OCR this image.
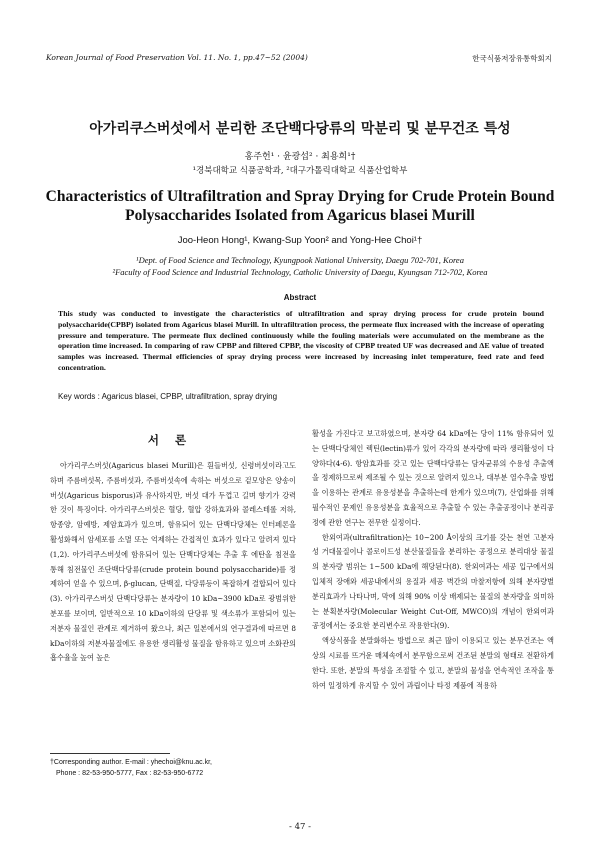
Korean Journal of Food Preservation Vol. 11. No. 1, pp.47~52 (2004)	한국식품저장유통학회지
아가리쿠스버섯에서 분리한 조단백다당류의 막분리 및 분무건조 특성
홍주헌¹ · 윤광섭² · 최용희¹†
¹경북대학교 식품공학과, ²대구가톨릭대학교 식품산업학부
Characteristics of Ultrafiltration and Spray Drying for Crude Protein Bound
Polysaccharides Isolated from Agaricus blasei Murill
Joo-Heon Hong¹, Kwang-Sup Yoon² and Yong-Hee Choi¹†
¹Dept. of Food Science and Technology, Kyungpook National University, Daegu 702-701, Korea
²Faculty of Food Science and Industrial Technology, Catholic University of Daegu, Kyungsan 712-702, Korea
Abstract
This study was conducted to investigate the characteristics of ultrafiltration and spray drying process for crude protein bound polysaccharide(CPBP) isolated from Agaricus blasei Murill. In ultrafiltration process, the permeate flux increased with the increase of operating pressure and temperature. The permeate flux declined continuously while the fouling materials were accumulated on the membrane as the operation time increased. In comparing of raw CPBP and filtered CPBP, the viscosity of CPBP treated UF was decreased and ΔE value of treated samples was increased. Thermal efficiencies of spray drying process were increased by increasing inlet temperature, feed rate and feed concentration.
Key words : Agaricus blasei, CPBP, ultrafiltration, spray drying
서 론

아가리쿠스버섯(Agaricus blasei Murill)은 흰들버섯, 신령버섯이라고도 하며 주름버섯목, 주름버섯과, 주름버섯속에 속하는 버섯으로 겉모양은 양송이버섯(Agaricus bisporus)과 유사하지만, 버섯 대가 두껍고 길며 향기가 강력한 것이 특징이다. 아가리쿠스버섯은 혈당, 혈압 강하효과와 콜레스테롤 저하, 항종양, 암예방, 제암효과가 있으며, 함유되어 있는 단백다당체는 인터페론을 활성화해서 암세포를 소멸 또는 억제하는 간접적인 효과가 있다고 알려져 있다(1,2). 아가리쿠스버섯에 함유되어 있는 단백다당체는 추출 후 에탄올 침전을 통해 침전물인 조단백다당류(crude protein bound polysaccharide)를 정제하여 얻을 수 있으며, β-glucan, 단백질, 다당류등이 복잡하게 결합되어 있다(3). 아가리쿠스버섯 단백다당류는 분자량이 10 kDa~3900 kDa로 광범위한 분포를 보이며, 일반적으로 10 kDa이하의 단당류 및 색소류가 포함되어 있는 저분자 물질인 관계로 제거하여 왔으나, 최근 일본에서의 연구결과에 따르면 8 kDa이하의 저분자물질에도 유용한 생리활성 물질을 함유하고 있으며 소화관의 흡수율을 높여 높은

활성을 가진다고 보고하였으며, 분자량 64 kDa에는 당이 11% 함유되어 있는 단백다당체인 렉틴(lectin)류가 있어 각각의 분자량에 따라 생리활성이 다양하다(4-6). 항암효과를 갖고 있는 단백다당류는 담자균류의 수용성 추출액을 정제하므로써 제조될 수 있는 것으로 알려져 있으나, 대부분 열수추출 방법을 이용하는 관계로 유용성분을 추출하는데 한계가 있으며(7), 산업화를 위해 필수적인 문제인 유용성분을 효율적으로 추출할 수 있는 추출공정이나 분리공정에 관한 연구는 전무한 실정이다.

한외여과(ultrafiltration)는 10~200 Å이상의 크기를 갖는 천연 고분자성 거대물질이나 콜로이드성 분산물질들을 분리하는 공정으로 분리대상 물질의 분자량 범위는 1~500 kDa에 해당된다(8). 한외여과는 세공 입구에서의 입체적 장애와 세공내에서의 용질과 세공 벽간의 마찰저항에 의해 분자량별 분리효과가 나타나며, 막에 의해 90% 이상 배제되는 물질의 분자량을 의미하는 분획분자량(Molecular Weight Cut-Off, MWCO)의 개념이 한외여과 공정에서는 중요한 분리변수로 작용한다(9).

액상식품을 분말화하는 방법으로 최근 많이 이용되고 있는 분무건조는 액상의 시료를 뜨거운 매체속에서 분무함으로써 건조된 분말의 형태로 전환하게 한다. 또한, 분말의 특성을 조절할 수 있고, 분말의 물성을 연속적인 조작을 통하여 일정하게 유지할 수 있어 과립이나 타정 제품에 적용하

†Corresponding author. E-mail : yhechoi@knu.ac.kr,
Phone : 82-53-950-5777, Fax : 82-53-950-6772
- 47 -
